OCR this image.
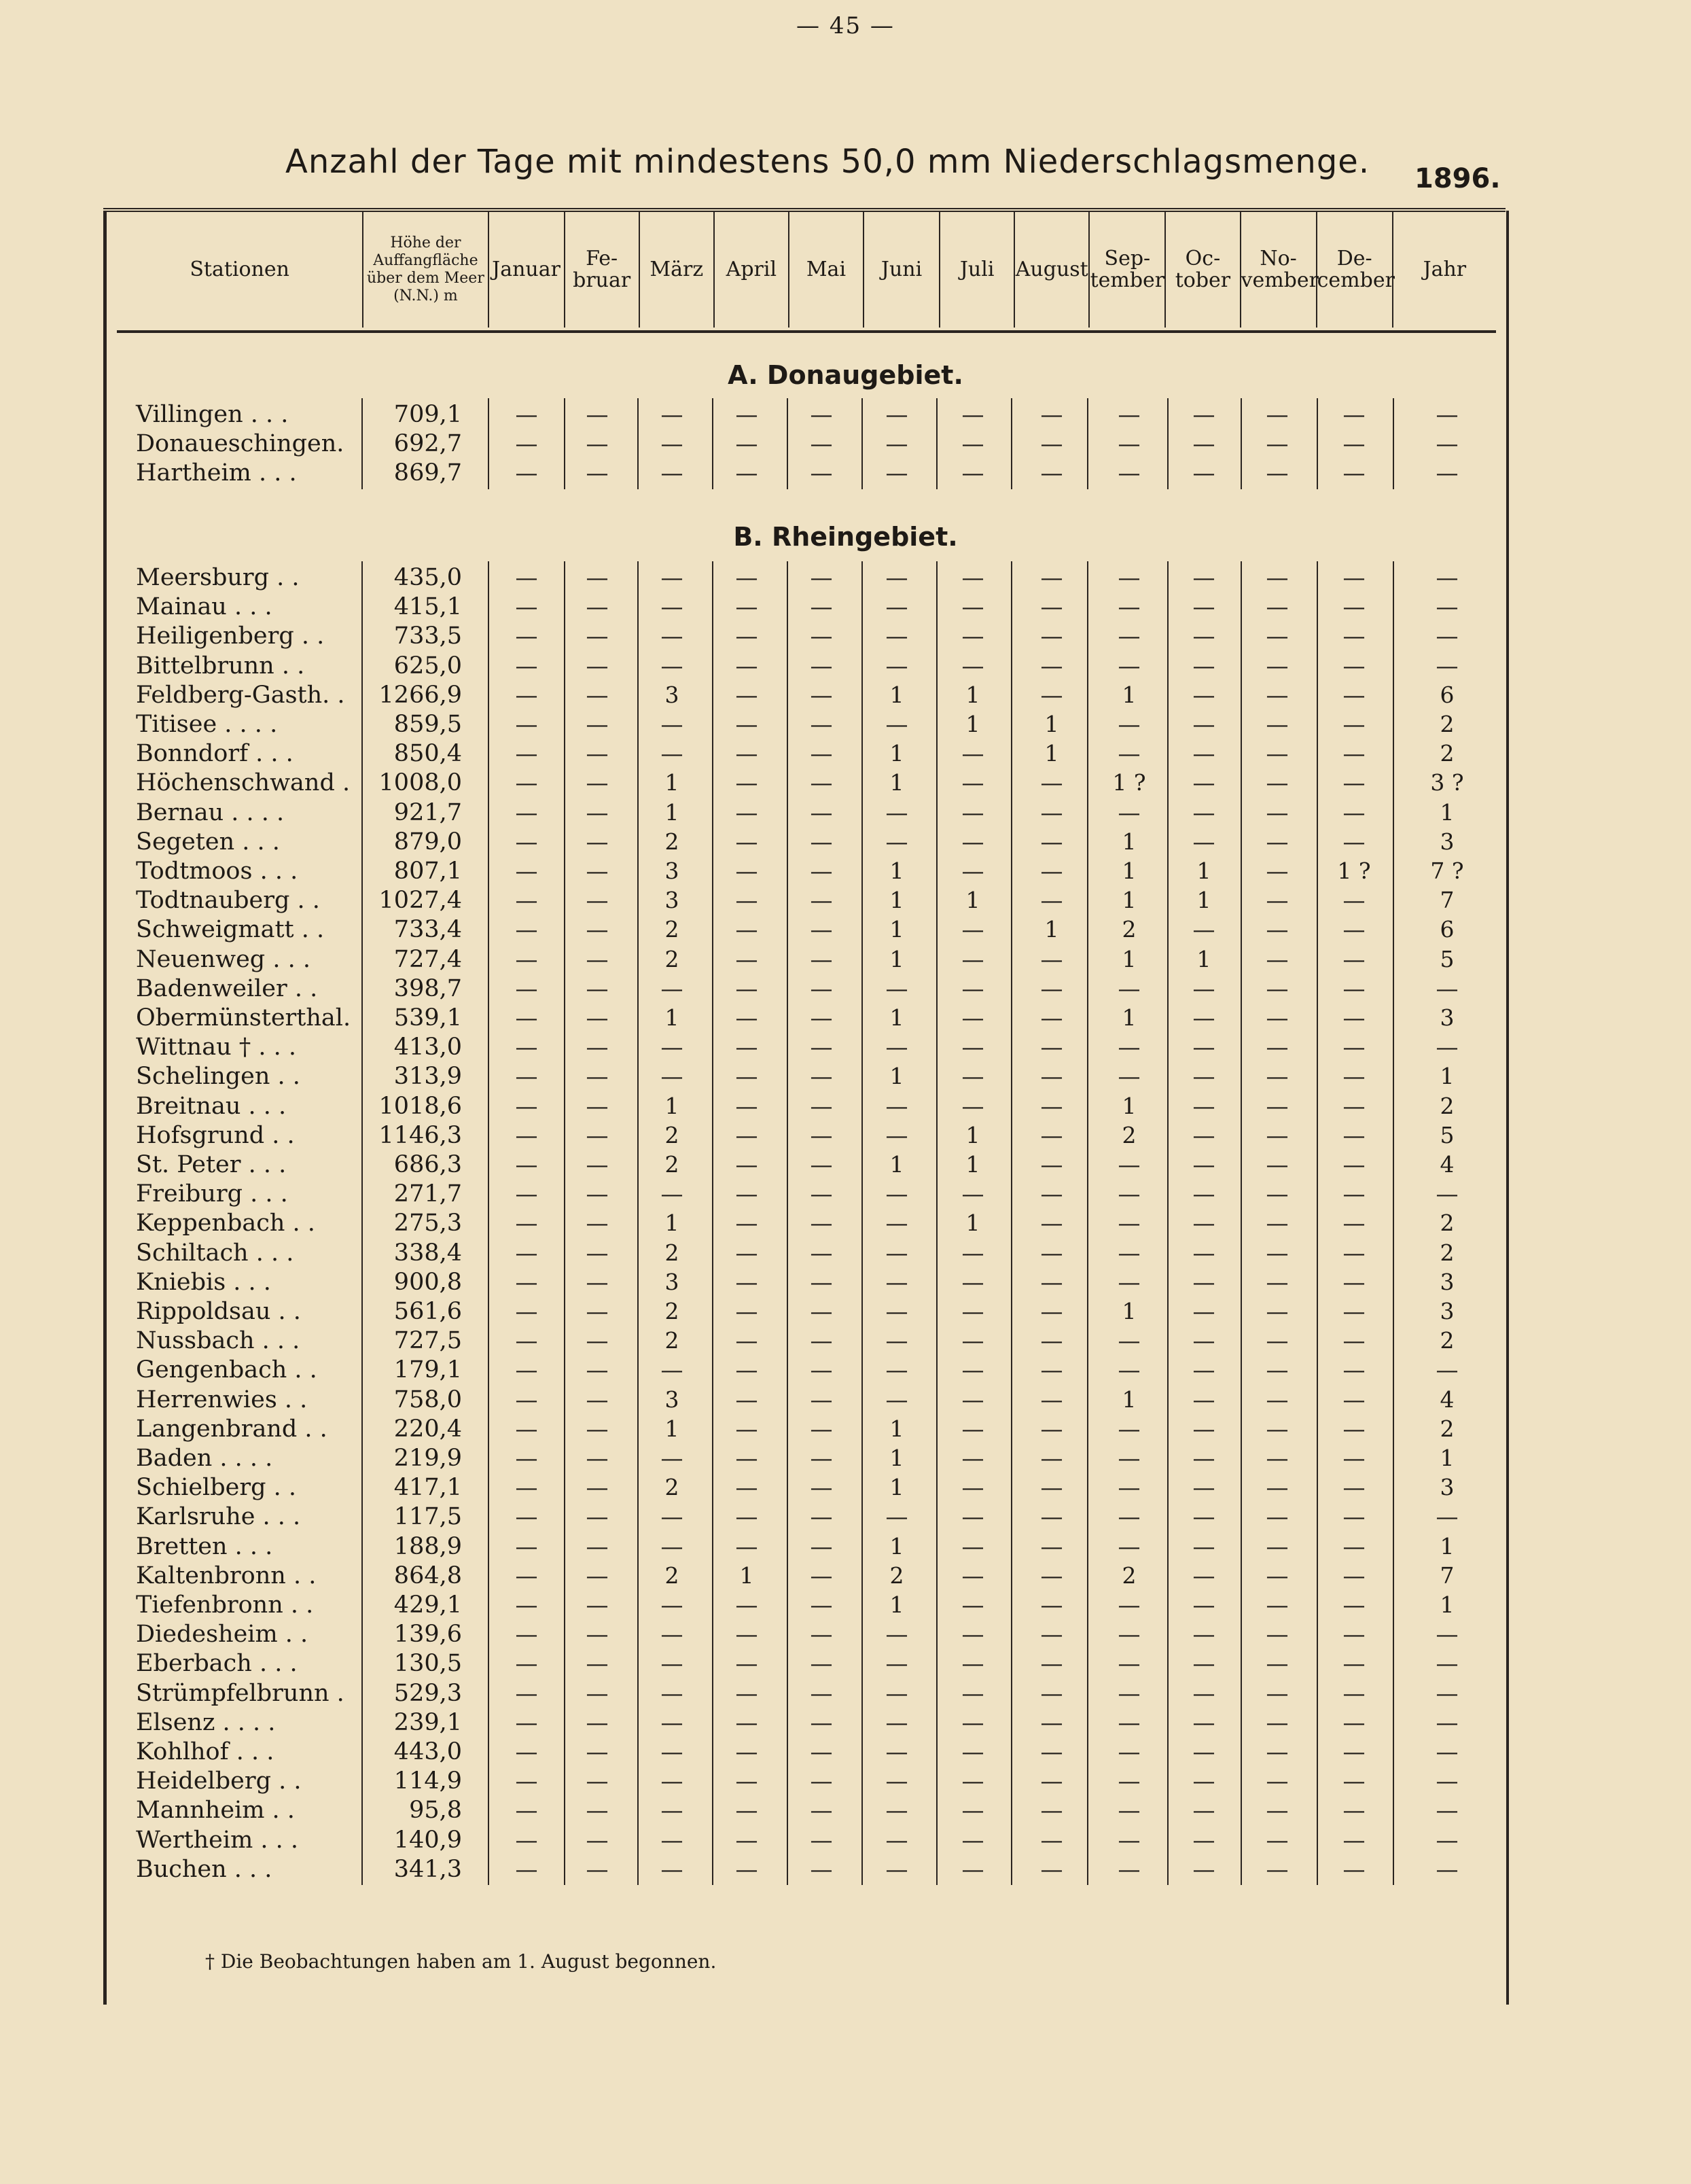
— 45 —
Anzahl der Tage mit mindestens 50,0 mm Niederschlagsmenge. 1896.
Stationen	Höhe der Auffangfläche über dem Meer (N.N.) m	Januar	Fe-bruar	März	April	Mai	Juni	Juli	August	Sep-tember	Oc-tober	No-vember	De-cember	Jahr
A. Donaugebiet.
Villingen . . .	709,1	—	—	—	—	—	—	—	—	—	—	—	—	—
Donaueschingen.	692,7	—	—	—	—	—	—	—	—	—	—	—	—	—
Hartheim . . .	869,7	—	—	—	—	—	—	—	—	—	—	—	—	—
B. Rheingebiet.
Meersburg . .	435,0	—	—	—	—	—	—	—	—	—	—	—	—	—
Mainau . . .	415,1	—	—	—	—	—	—	—	—	—	—	—	—	—
Heiligenberg . .	733,5	—	—	—	—	—	—	—	—	—	—	—	—	—
Bittelbrunn . .	625,0	—	—	—	—	—	—	—	—	—	—	—	—	—
Feldberg-Gasth. .	1266,9	—	—	3	—	—	1	1	—	1	—	—	—	6
Titisee . . . .	859,5	—	—	—	—	—	—	1	1	—	—	—	—	2
Bonndorf . . .	850,4	—	—	—	—	—	1	—	1	—	—	—	—	2
Höchenschwand .	1008,0	—	—	1	—	—	1	—	—	1 ?	—	—	—	3 ?
Bernau . . . .	921,7	—	—	1	—	—	—	—	—	—	—	—	—	1
Segeten . . .	879,0	—	—	2	—	—	—	—	—	1	—	—	—	3
Todtmoos . . .	807,1	—	—	3	—	—	1	—	—	1	1	—	1 ?	7 ?
Todtnauberg . .	1027,4	—	—	3	—	—	1	1	—	1	1	—	—	7
Schweigmatt . .	733,4	—	—	2	—	—	1	—	1	2	—	—	—	6
Neuenweg . . .	727,4	—	—	2	—	—	1	—	—	1	1	—	—	5
Badenweiler . .	398,7	—	—	—	—	—	—	—	—	—	—	—	—	—
Obermünsterthal.	539,1	—	—	1	—	—	1	—	—	1	—	—	—	3
Wittnau † . . .	413,0	—	—	—	—	—	—	—	—	—	—	—	—	—
Schelingen . .	313,9	—	—	—	—	—	1	—	—	—	—	—	—	1
Breitnau . . .	1018,6	—	—	1	—	—	—	—	—	1	—	—	—	2
Hofsgrund . .	1146,3	—	—	2	—	—	—	1	—	2	—	—	—	5
St. Peter . . .	686,3	—	—	2	—	—	1	1	—	—	—	—	—	4
Freiburg . . .	271,7	—	—	—	—	—	—	—	—	—	—	—	—	—
Keppenbach . .	275,3	—	—	1	—	—	—	1	—	—	—	—	—	2
Schiltach . . .	338,4	—	—	2	—	—	—	—	—	—	—	—	—	2
Kniebis . . .	900,8	—	—	3	—	—	—	—	—	—	—	—	—	3
Rippoldsau . .	561,6	—	—	2	—	—	—	—	—	1	—	—	—	3
Nussbach . . .	727,5	—	—	2	—	—	—	—	—	—	—	—	—	2
Gengenbach . .	179,1	—	—	—	—	—	—	—	—	—	—	—	—	—
Herrenwies . .	758,0	—	—	3	—	—	—	—	—	1	—	—	—	4
Langenbrand . .	220,4	—	—	1	—	—	1	—	—	—	—	—	—	2
Baden . . . .	219,9	—	—	—	—	—	1	—	—	—	—	—	—	1
Schielberg . .	417,1	—	—	2	—	—	1	—	—	—	—	—	—	3
Karlsruhe . . .	117,5	—	—	—	—	—	—	—	—	—	—	—	—	—
Bretten . . .	188,9	—	—	—	—	—	1	—	—	—	—	—	—	1
Kaltenbronn . .	864,8	—	—	2	1	—	2	—	—	2	—	—	—	7
Tiefenbronn . .	429,1	—	—	—	—	—	1	—	—	—	—	—	—	1
Diedesheim . .	139,6	—	—	—	—	—	—	—	—	—	—	—	—	—
Eberbach . . .	130,5	—	—	—	—	—	—	—	—	—	—	—	—	—
Strümpfelbrunn .	529,3	—	—	—	—	—	—	—	—	—	—	—	—	—
Elsenz . . . .	239,1	—	—	—	—	—	—	—	—	—	—	—	—	—
Kohlhof . . .	443,0	—	—	—	—	—	—	—	—	—	—	—	—	—
Heidelberg . .	114,9	—	—	—	—	—	—	—	—	—	—	—	—	—
Mannheim . .	95,8	—	—	—	—	—	—	—	—	—	—	—	—	—
Wertheim . . .	140,9	—	—	—	—	—	—	—	—	—	—	—	—	—
Buchen . . .	341,3	—	—	—	—	—	—	—	—	—	—	—	—	—
† Die Beobachtungen haben am 1. August begonnen.
